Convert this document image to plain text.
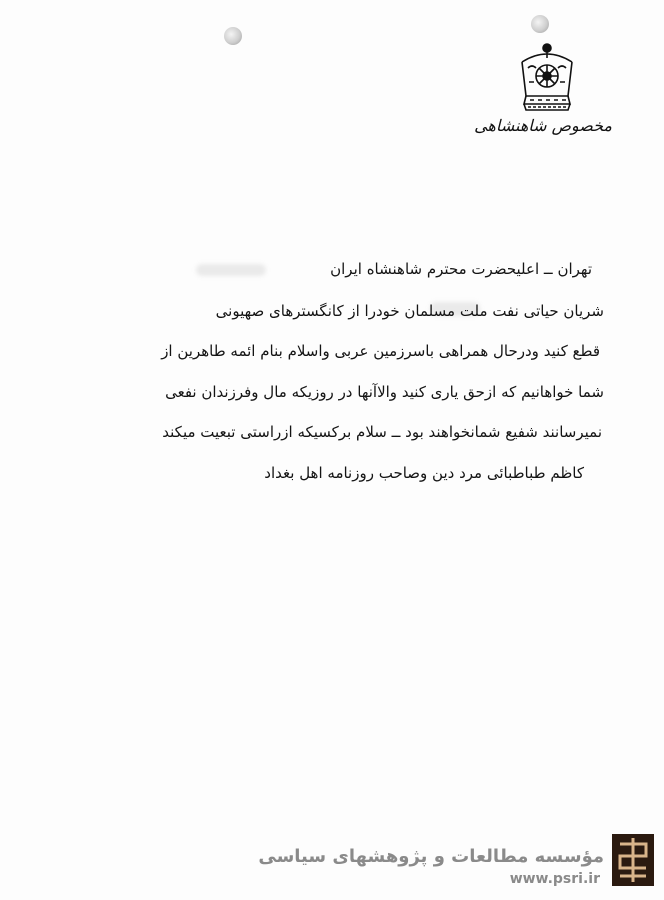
مخصوص شاهنشاهی
تهران ــ اعلیحضرت محترم شاهنشاه ایران
شریان حیاتی نفت ملت مسلمان خودرا از کانگسترهای صهیونی
قطع کنید ودرحال همراهی باسرزمین عربی واسلام بنام ائمه طاهرین از
شما خواهانیم که ازحق یاری کنید والاآنها در روزیکه مال وفرزندان نفعی
نمیرسانند شفیع شمانخواهند بود ــ سلام برکسیکه ازراستی تبعیت میکند
کاظم طباطبائی مرد دین وصاحب روزنامه اهل بغداد
مؤسسه مطالعات و پژوهشهای سیاسی
www.psri.ir
